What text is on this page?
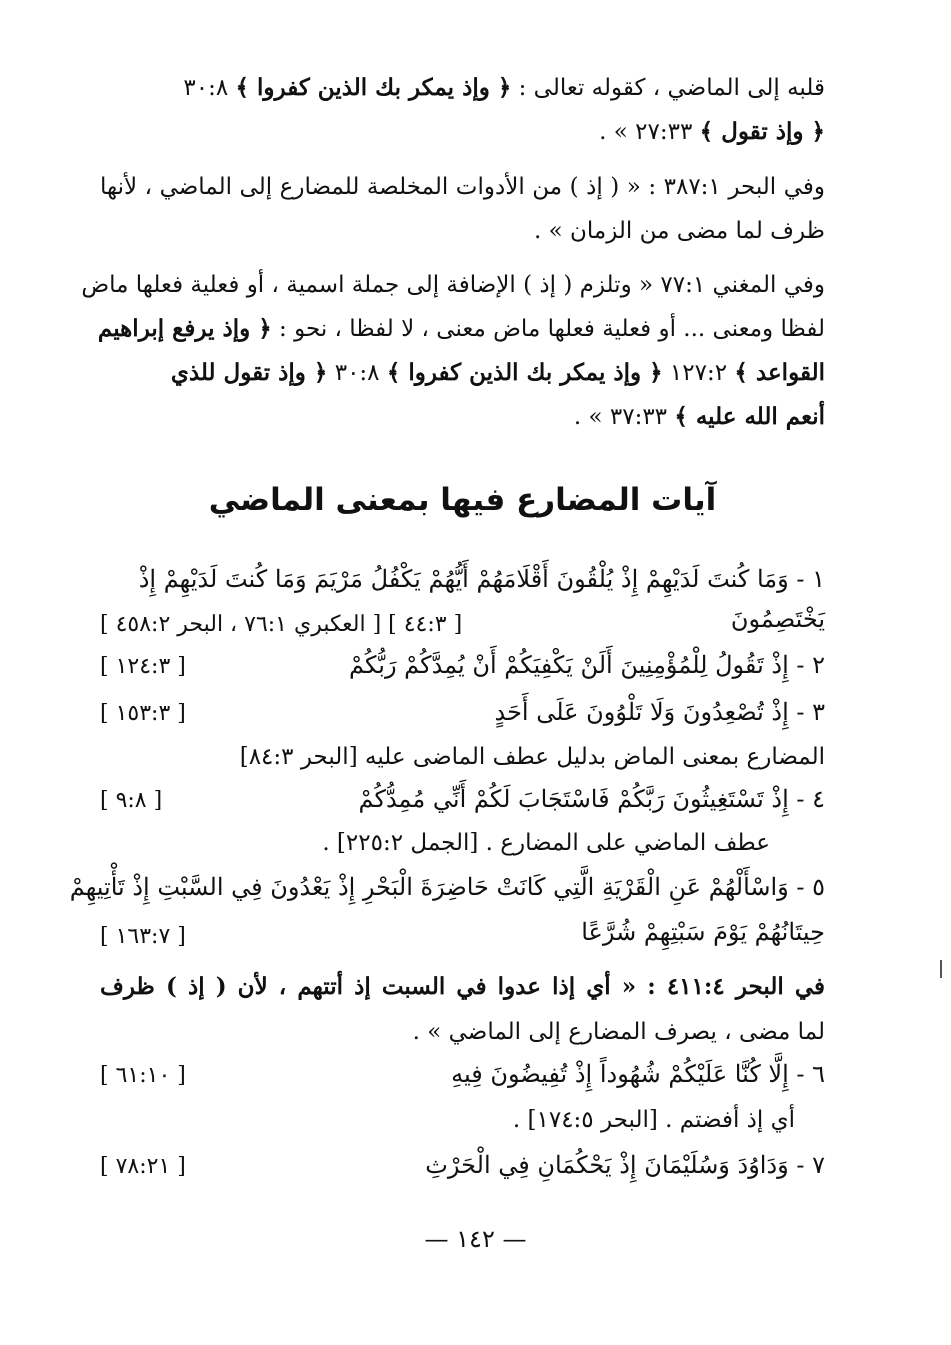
قلبه إلى الماضي ، كقوله تعالى : ﴿ وإذ يمكر بك الذين كفروا ﴾ ٣٠:٨
﴿ وإذ تقول ﴾ ٢٧:٣٣ » .
وفي البحر ٣٨٧:١ : « ( إذ ) من الأدوات المخلصة للمضارع إلى الماضي ، لأنها
ظرف لما مضى من الزمان » .
وفي المغني ٧٧:١ « وتلزم ( إذ ) الإضافة إلى جملة اسمية ، أو فعلية فعلها ماض
لفظا ومعنى ... أو فعلية فعلها ماض معنى ، لا لفظا ، نحو : ﴿ وإذ يرفع إبراهيم
القواعد ﴾ ١٢٧:٢ ﴿ وإذ يمكر بك الذين كفروا ﴾ ٣٠:٨ ﴿ وإذ تقول للذي
أنعم الله عليه ﴾ ٣٧:٣٣ » .
آيات المضارع فيها بمعنى الماضي
١ - وَمَا كُنتَ لَدَيْهِمْ إِذْ يُلْقُونَ أَقْلَامَهُمْ أَيُّهُمْ يَكْفُلُ مَرْيَمَ وَمَا كُنتَ لَدَيْهِمْ إِذْ
يَخْتَصِمُونَ
[ ٤٤:٣ ] [ العكبري ٧٦:١ ، البحر ٤٥٨:٢ ]
٢ - إِذْ تَقُولُ لِلْمُؤْمِنِينَ أَلَنْ يَكْفِيَكُمْ أَنْ يُمِدَّكُمْ رَبُّكُمْ
[ ١٢٤:٣ ]
٣ - إِذْ تُصْعِدُونَ وَلَا تَلْوُونَ عَلَى أَحَدٍ
[ ١٥٣:٣ ]
المضارع بمعنى الماض بدليل عطف الماضى عليه [البحر ٨٤:٣]
٤ - إِذْ تَسْتَغِيثُونَ رَبَّكُمْ فَاسْتَجَابَ لَكُمْ أَنِّي مُمِدُّكُمْ
[ ٩:٨ ]
عطف الماضي على المضارع . [الجمل ٢٢٥:٢] .
٥ - وَاسْأَلْهُمْ عَنِ الْقَرْيَةِ الَّتِي كَانَتْ حَاضِرَةَ الْبَحْرِ إِذْ يَعْدُونَ فِي السَّبْتِ إِذْ تَأْتِيهِمْ
حِيتَانُهُمْ يَوْمَ سَبْتِهِمْ شُرَّعًا
[ ١٦٣:٧ ]
في البحر ٤١١:٤ : « أي إذا عدوا في السبت إذ أتتهم ، لأن ( إذ ) ظرف
لما مضى ، يصرف المضارع إلى الماضي » .
٦ - إِلَّا كُنَّا عَلَيْكُمْ شُهُوداً إِذْ تُفِيضُونَ فِيهِ
[ ٦١:١٠ ]
أي إذ أفضتم . [البحر ١٧٤:٥] .
٧ - وَدَاوُدَ وَسُلَيْمَانَ إِذْ يَحْكُمَانِ فِي الْحَرْثِ
[ ٧٨:٢١ ]
— ١٤٢ —
